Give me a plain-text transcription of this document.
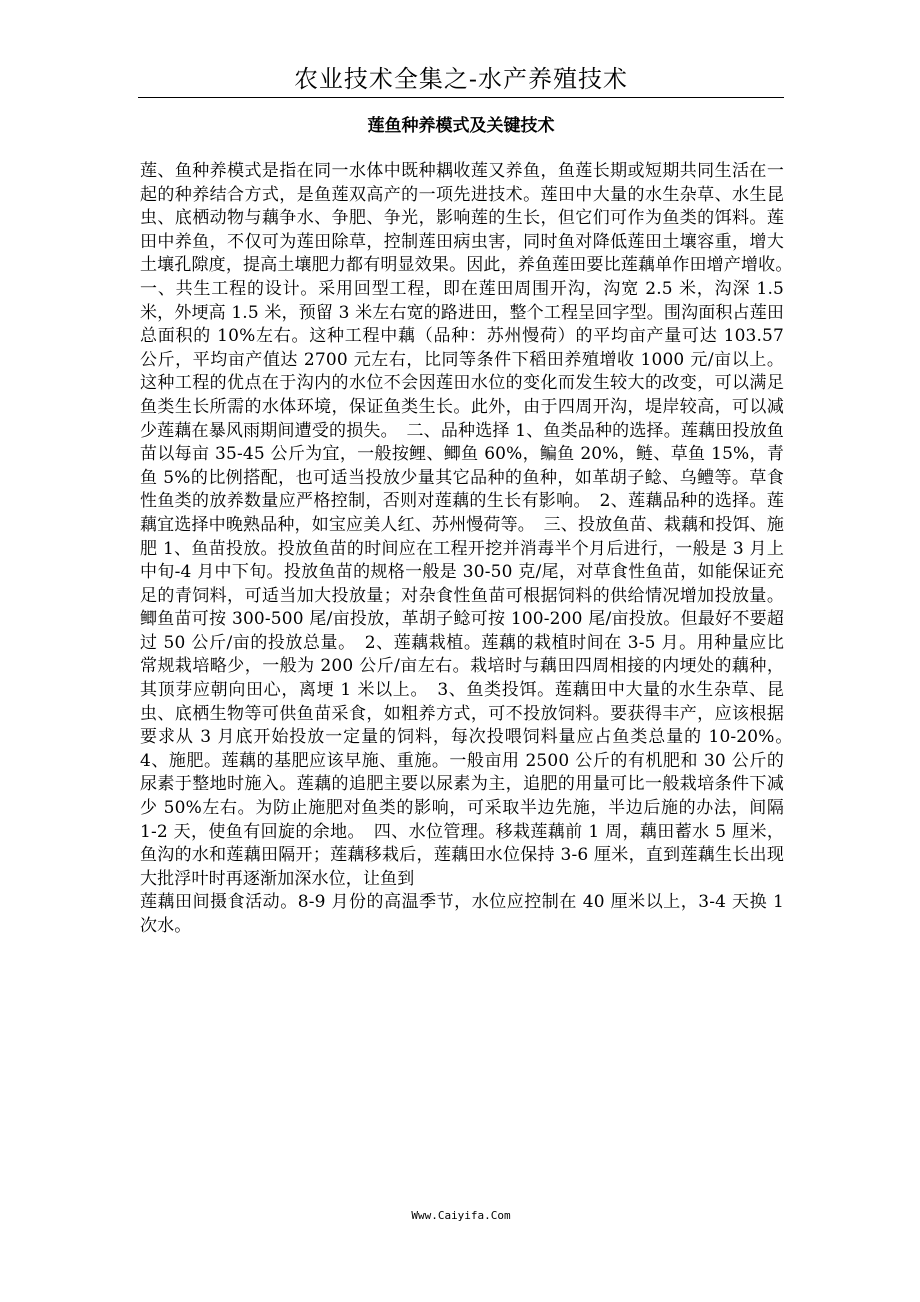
农业技术全集之-水产养殖技术
莲鱼种养模式及关键技术

莲、鱼种养模式是指在同一水体中既种耦收莲又养鱼，鱼莲长期或短期共同生活在一起的种养结合方式，是鱼莲双高产的一项先进技术。莲田中大量的水生杂草、水生昆虫、底栖动物与藕争水、争肥、争光，影响莲的生长，但它们可作为鱼类的饵料。莲田中养鱼，不仅可为莲田除草，控制莲田病虫害，同时鱼对降低莲田土壤容重，增大土壤孔隙度，提高土壤肥力都有明显效果。因此，养鱼莲田要比莲藕单作田增产增收。　一、共生工程的设计。采用回型工程，即在莲田周围开沟，沟宽 2.5 米，沟深 1.5 米，外埂高 1.5 米，预留 3 米左右宽的路进田，整个工程呈回字型。围沟面积占莲田总面积的 10%左右。这种工程中藕（品种：苏州慢荷）的平均亩产量可达 103.57 公斤，平均亩产值达 2700 元左右，比同等条件下稻田养殖增收 1000 元/亩以上。这种工程的优点在于沟内的水位不会因莲田水位的变化而发生较大的改变，可以满足鱼类生长所需的水体环境，保证鱼类生长。此外，由于四周开沟，堤岸较高，可以减少莲藕在暴风雨期间遭受的损失。　二、品种选择 1、鱼类品种的选择。莲藕田投放鱼苗以每亩 35-45 公斤为宜，一般按鲤、鲫鱼 60%，鳊鱼 20%，鲢、草鱼 15%，青鱼 5%的比例搭配，也可适当投放少量其它品种的鱼种，如革胡子鲶、乌鳢等。草食性鱼类的放养数量应严格控制，否则对莲藕的生长有影响。　2、莲藕品种的选择。莲藕宜选择中晚熟品种，如宝应美人红、苏州慢荷等。　三、投放鱼苗、栽藕和投饵、施肥 1、鱼苗投放。投放鱼苗的时间应在工程开挖并消毒半个月后进行，一般是 3 月上中旬-4 月中下旬。投放鱼苗的规格一般是 30-50 克/尾，对草食性鱼苗，如能保证充足的青饲料，可适当加大投放量；对杂食性鱼苗可根据饲料的供给情况增加投放量。鲫鱼苗可按 300-500 尾/亩投放，革胡子鲶可按 100-200 尾/亩投放。但最好不要超过 50 公斤/亩的投放总量。　2、莲藕栽植。莲藕的栽植时间在 3-5 月。用种量应比常规栽培略少，一般为 200 公斤/亩左右。栽培时与藕田四周相接的内埂处的藕种，其顶芽应朝向田心，离埂 1 米以上。　3、鱼类投饵。莲藕田中大量的水生杂草、昆虫、底栖生物等可供鱼苗采食，如粗养方式，可不投放饲料。要获得丰产，应该根据要求从 3 月底开始投放一定量的饲料，每次投喂饲料量应占鱼类总量的 10-20%。　4、施肥。莲藕的基肥应该早施、重施。一般亩用 2500 公斤的有机肥和 30 公斤的尿素于整地时施入。莲藕的追肥主要以尿素为主，追肥的用量可比一般栽培条件下减少 50%左右。为防止施肥对鱼类的影响，可采取半边先施，半边后施的办法，间隔 1-2 天，使鱼有回旋的余地。　四、水位管理。移栽莲藕前 1 周，藕田蓄水 5 厘米，鱼沟的水和莲藕田隔开；莲藕移栽后，莲藕田水位保持 3-6 厘米，直到莲藕生长出现大批浮叶时再逐渐加深水位，让鱼到

莲藕田间摄食活动。8-9 月份的高温季节，水位应控制在 40 厘米以上，3-4 天换 1 次水。

Www.Caiyifa.Com
